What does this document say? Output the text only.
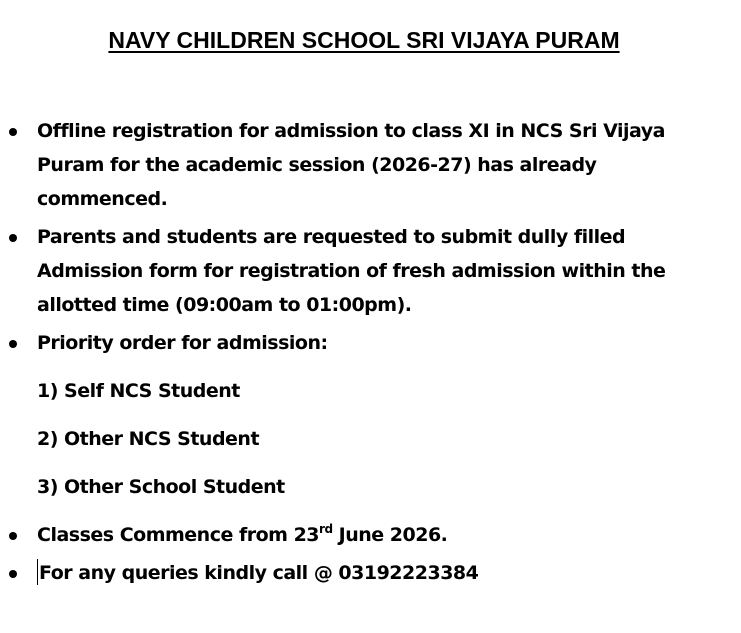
NAVY CHILDREN SCHOOL SRI VIJAYA PURAM
Offline registration for admission to class XI in NCS Sri Vijaya Puram for the academic session (2026-27) has already commenced.
Parents and students are requested to submit dully filled Admission form for registration of fresh admission within the allotted time (09:00am to 01:00pm).
Priority order for admission:
1) Self NCS Student
2) Other NCS Student
3) Other School Student
Classes Commence from 23rd June 2026.
For any queries kindly call @ 03192223384
